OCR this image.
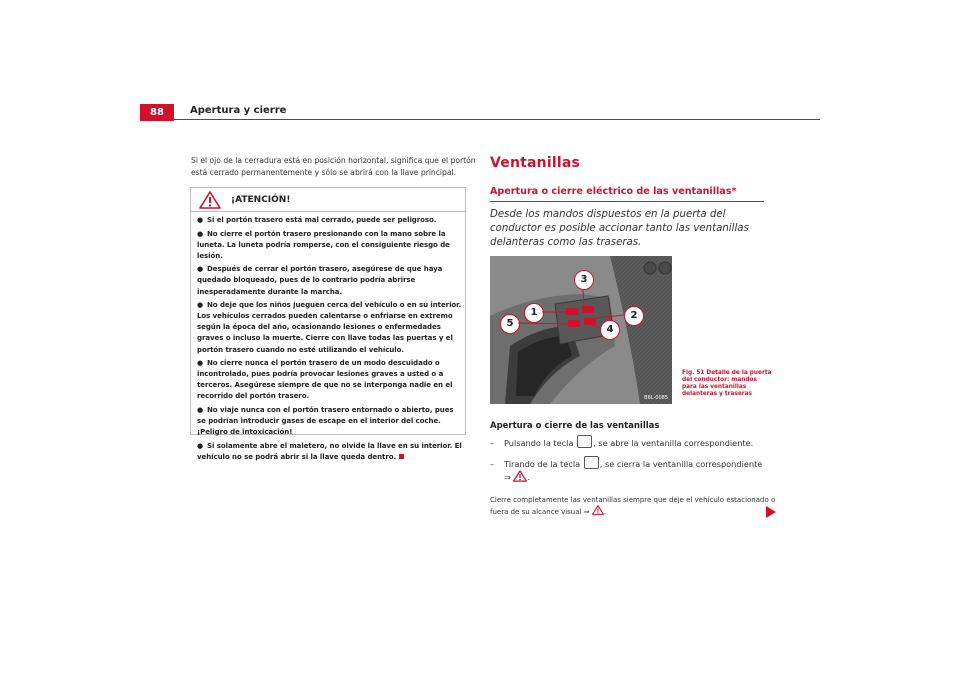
88	Apertura y cierre
Si el ojo de la cerradura está en posición horizontal, significa que el portón está cerrado permanentemente y sólo se abrirá con la llave principal.
¡ATENCIÓN!
● Si el portón trasero está mal cerrado, puede ser peligroso.
● No cierre el portón trasero presionando con la mano sobre la luneta. La luneta podría romperse, con el consiguiente riesgo de lesión.
● Después de cerrar el portón trasero, asegúrese de que haya quedado bloqueado, pues de lo contrario podría abrirse inesperadamente durante la marcha.
● No deje que los niños jueguen cerca del vehículo o en su interior. Los vehículos cerrados pueden calentarse o enfriarse en extremo según la época del año, ocasionando lesiones o enfermedades graves o incluso la muerte. Cierre con llave todas las puertas y el portón trasero cuando no esté utilizando el vehículo.
● No cierre nunca el portón trasero de un modo descuidado o incontrolado, pues podría provocar lesiones graves a usted o a terceros. Asegúrese siempre de que no se interponga nadie en el recorrido del portón trasero.
● No viaje nunca con el portón trasero entornado o abierto, pues se podrían introducir gases de escape en el interior del coche. ¡Peligro de intoxicación!
● Si solamente abre el maletero, no olvide la llave en su interior. El vehículo no se podrá abrir si la llave queda dentro.
Ventanillas
Apertura o cierre eléctrico de las ventanillas*
Desde los mandos dispuestos en la puerta del conductor es posible accionar tanto las ventanillas delanteras como las traseras.
3
1	2
5
4
B6L-0085
Fig. 51 Detalle de la puerta del conductor: mandos para las ventanillas delanteras y traseras
Apertura o cierre de las ventanillas
– Pulsando la tecla , se abre la ventanilla correspondiente.
– Tirando de la tecla , se cierra la ventanilla correspondiente
⇒ .
Cierre completamente las ventanillas siempre que deje el vehículo estacionado o fuera de su alcance visual ⇒ .
